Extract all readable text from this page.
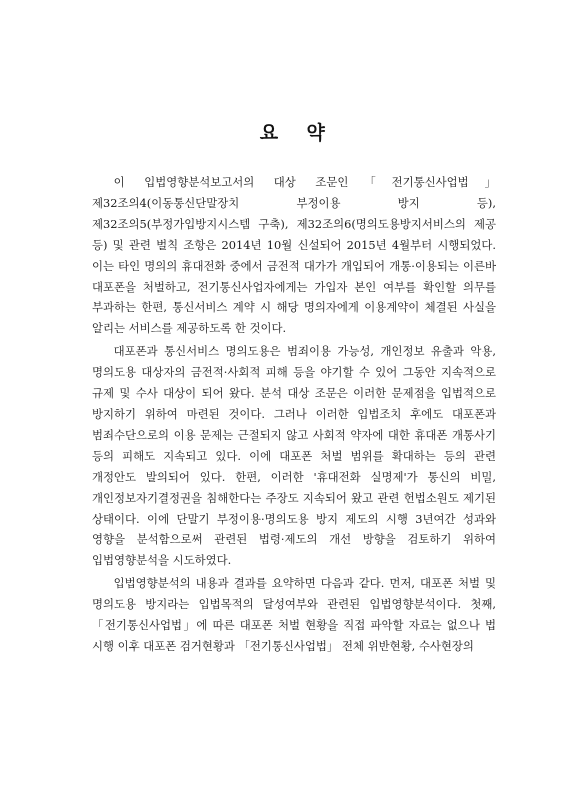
요 약

이 입법영향분석보고서의 대상 조문인「전기통신사업법」제32조의4(이동통신단말장치 부정이용 방지 등), 제32조의5(부정가입방지시스템 구축), 제32조의6(명의도용방지서비스의 제공 등) 및 관련 벌칙 조항은 2014년 10월 신설되어 2015년 4월부터 시행되었다. 이는 타인 명의의 휴대전화 중에서 금전적 대가가 개입되어 개통·이용되는 이른바 대포폰을 처벌하고, 전기통신사업자에게는 가입자 본인 여부를 확인할 의무를 부과하는 한편, 통신서비스 계약 시 해당 명의자에게 이용계약이 체결된 사실을 알리는 서비스를 제공하도록 한 것이다.

대포폰과 통신서비스 명의도용은 범죄이용 가능성, 개인정보 유출과 악용, 명의도용 대상자의 금전적·사회적 피해 등을 야기할 수 있어 그동안 지속적으로 규제 및 수사 대상이 되어 왔다. 분석 대상 조문은 이러한 문제점을 입법적으로 방지하기 위하여 마련된 것이다. 그러나 이러한 입법조치 후에도 대포폰과 범죄수단으로의 이용 문제는 근절되지 않고 사회적 약자에 대한 휴대폰 개통사기 등의 피해도 지속되고 있다. 이에 대포폰 처벌 범위를 확대하는 등의 관련 개정안도 발의되어 있다. 한편, 이러한 '휴대전화 실명제'가 통신의 비밀, 개인정보자기결정권을 침해한다는 주장도 지속되어 왔고 관련 헌법소원도 제기된 상태이다. 이에 단말기 부정이용·명의도용 방지 제도의 시행 3년여간 성과와 영향을 분석함으로써 관련된 법령·제도의 개선 방향을 검토하기 위하여 입법영향분석을 시도하였다.

입법영향분석의 내용과 결과를 요약하면 다음과 같다. 먼저, 대포폰 처벌 및 명의도용 방지라는 입법목적의 달성여부와 관련된 입법영향분석이다. 첫째, 「전기통신사업법」에 따른 대포폰 처벌 현황을 직접 파악할 자료는 없으나 법 시행 이후 대포폰 검거현황과 「전기통신사업법」 전체 위반현황, 수사현장의
